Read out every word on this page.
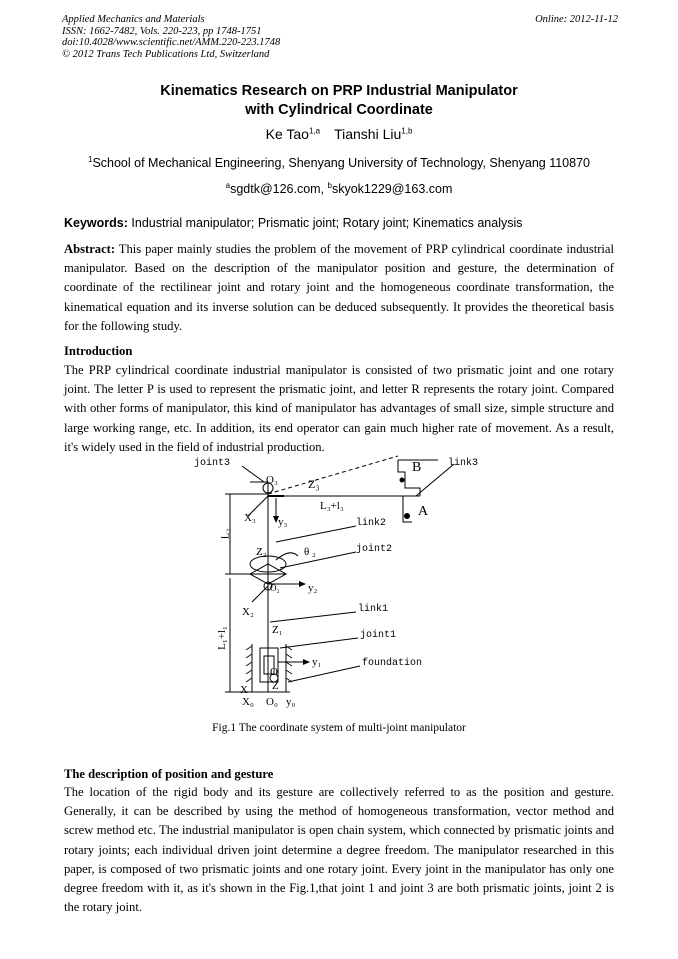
Applied Mechanics and Materials
ISSN: 1662-7482, Vols. 220-223, pp 1748-1751
doi:10.4028/www.scientific.net/AMM.220-223.1748
© 2012 Trans Tech Publications Ltd, Switzerland
Online: 2012-11-12
Kinematics Research on PRP Industrial Manipulator
with Cylindrical Coordinate
Ke Tao$^{1,a}$ Tianshi Liu$^{1,b}$
$^1$School of Mechanical Engineering, Shenyang University of Technology, Shenyang 110870
$^a$sgdtk@126.com, $^b$skyok1229@163.com
Keywords: Industrial manipulator; Prismatic joint; Rotary joint; Kinematics analysis
Abstract: This paper mainly studies the problem of the movement of PRP cylindrical coordinate industrial manipulator. Based on the description of the manipulator position and gesture, the determination of coordinate of the rectilinear joint and rotary joint and the homogeneous coordinate transformation, the kinematical equation and its inverse solution can be deduced subsequently. It provides the theoretical basis for the following study.
Introduction
The PRP cylindrical coordinate industrial manipulator is consisted of two prismatic joint and one rotary joint. The letter P is used to represent the prismatic joint, and letter R represents the rotary joint. Compared with other forms of manipulator, this kind of manipulator has advantages of small size, simple structure and large working range, etc. In addition, its end operator can gain much higher rate of movement. As a result, it's widely used in the field of industrial production.
joint3	link3
B
A
O₃	Z₃
L₃+l₃
X₃ y₃	link2
L₂
Z₂	θ ₂	joint2
O₂	y₂
X₂
L₁+l₁
link1
Z₁	joint1
y₁	foundation
O
X Z
X₀ O₀ y₀
Fig.1 The coordinate system of multi-joint manipulator
The description of position and gesture
The location of the rigid body and its gesture are collectively referred to as the position and gesture. Generally, it can be described by using the method of homogeneous transformation, vector method and screw method etc. The industrial manipulator is open chain system, which connected by prismatic joints and rotary joints; each individual driven joint determine a degree freedom. The manipulator researched in this paper, is composed of two prismatic joints and one rotary joint. Every joint in the manipulator has only one degree freedom with it, as it's shown in the Fig.1,that joint 1 and joint 3 are both prismatic joints, joint 2 is the rotary joint.
